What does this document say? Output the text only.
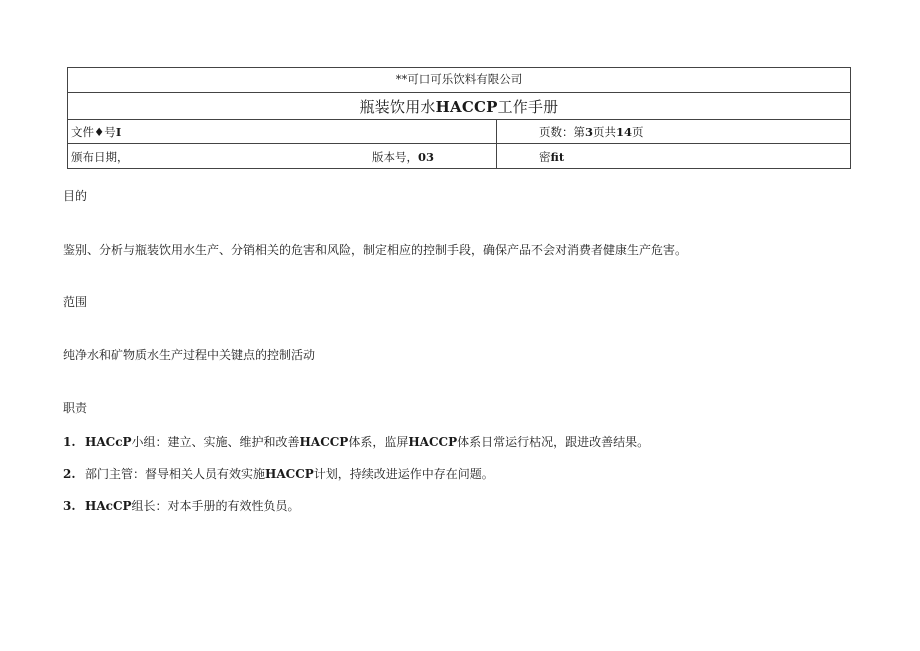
**可口可乐饮料有限公司
瓶装饮用水HACCP工作手册
文件♦号I	页数：第3页共14页
颁布日期，	版本号，03	密fit
目的
鉴别、分析与瓶装饮用水生产、分销相关的危害和风险，制定相应的控制手段，确保产品不会对消费者健康生产危害。
范围
纯净水和矿物质水生产过程中关键点的控制活动
职责
1. HACcP小组：建立、实施、维护和改善HACCP体系，监屏HACCP体系日常运行枯况，跟进改善结果。
2. 部门主管：督导相关人员有效实施HACCP计划，持续改进运作中存在问题。
3. HAcCP组长：对本手册的有效性负员。
